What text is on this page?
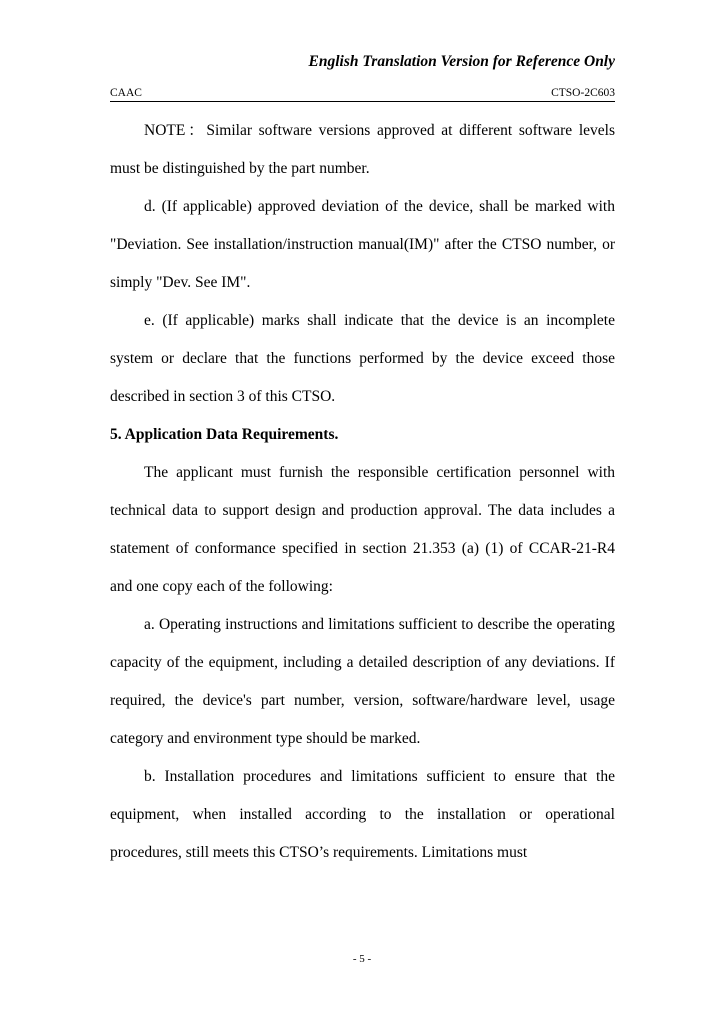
English Translation Version for Reference Only
CAAC	CTSO-2C603

NOTE：Similar software versions approved at different software levels must be distinguished by the part number.

d. (If applicable) approved deviation of the device, shall be marked with "Deviation. See installation/instruction manual(IM)" after the CTSO number, or simply "Dev. See IM".

e. (If applicable) marks shall indicate that the device is an incomplete system or declare that the functions performed by the device exceed those described in section 3 of this CTSO.

5. Application Data Requirements.

The applicant must furnish the responsible certification personnel with technical data to support design and production approval. The data includes a statement of conformance specified in section 21.353 (a) (1) of CCAR-21-R4 and one copy each of the following:

a. Operating instructions and limitations sufficient to describe the operating capacity of the equipment, including a detailed description of any deviations. If required, the device's part number, version, software/hardware level, usage category and environment type should be marked.

b. Installation procedures and limitations sufficient to ensure that the equipment, when installed according to the installation or operational procedures, still meets this CTSO’s requirements. Limitations must

- 5 -
